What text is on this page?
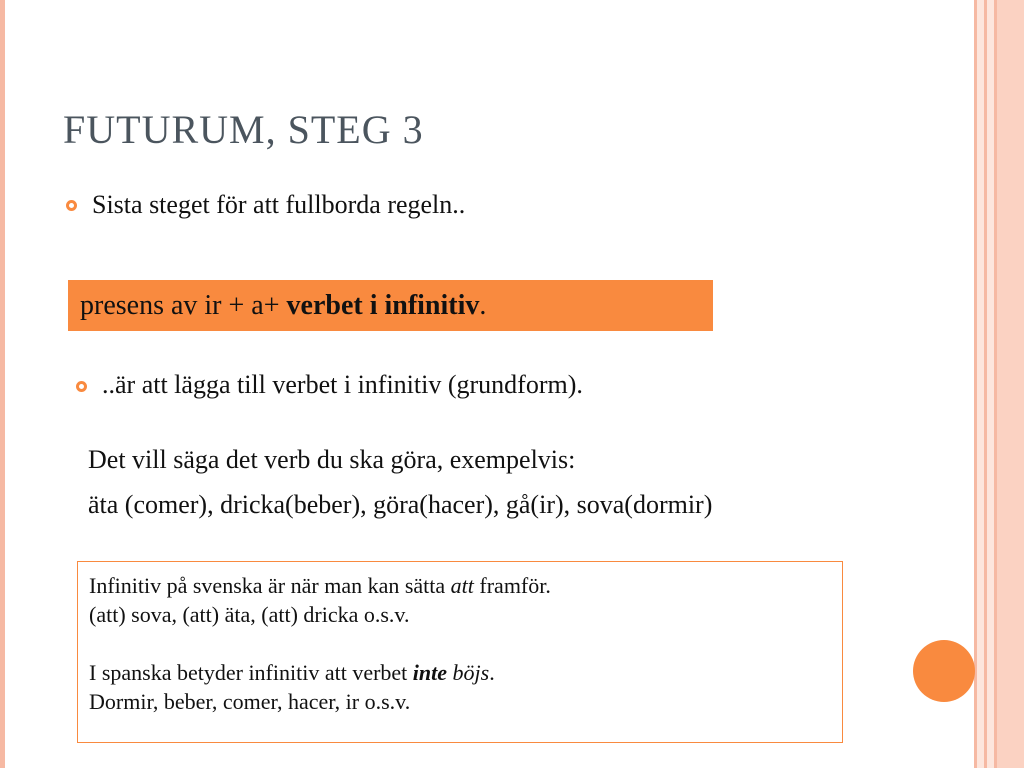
FUTURUM, STEG 3
Sista steget för att fullborda regeln..
presens av ir + a+ verbet i infinitiv .
..är att lägga till verbet i infinitiv (grundform).
Det vill säga det verb du ska göra, exempelvis:
äta (comer), dricka(beber), göra(hacer), gå(ir), sova(dormir)
Infinitiv på svenska är när man kan sätta att framför.
(att) sova, (att) äta, (att) dricka o.s.v.
I spanska betyder infinitiv att verbet inte böjs.
Dormir, beber, comer, hacer, ir o.s.v.
